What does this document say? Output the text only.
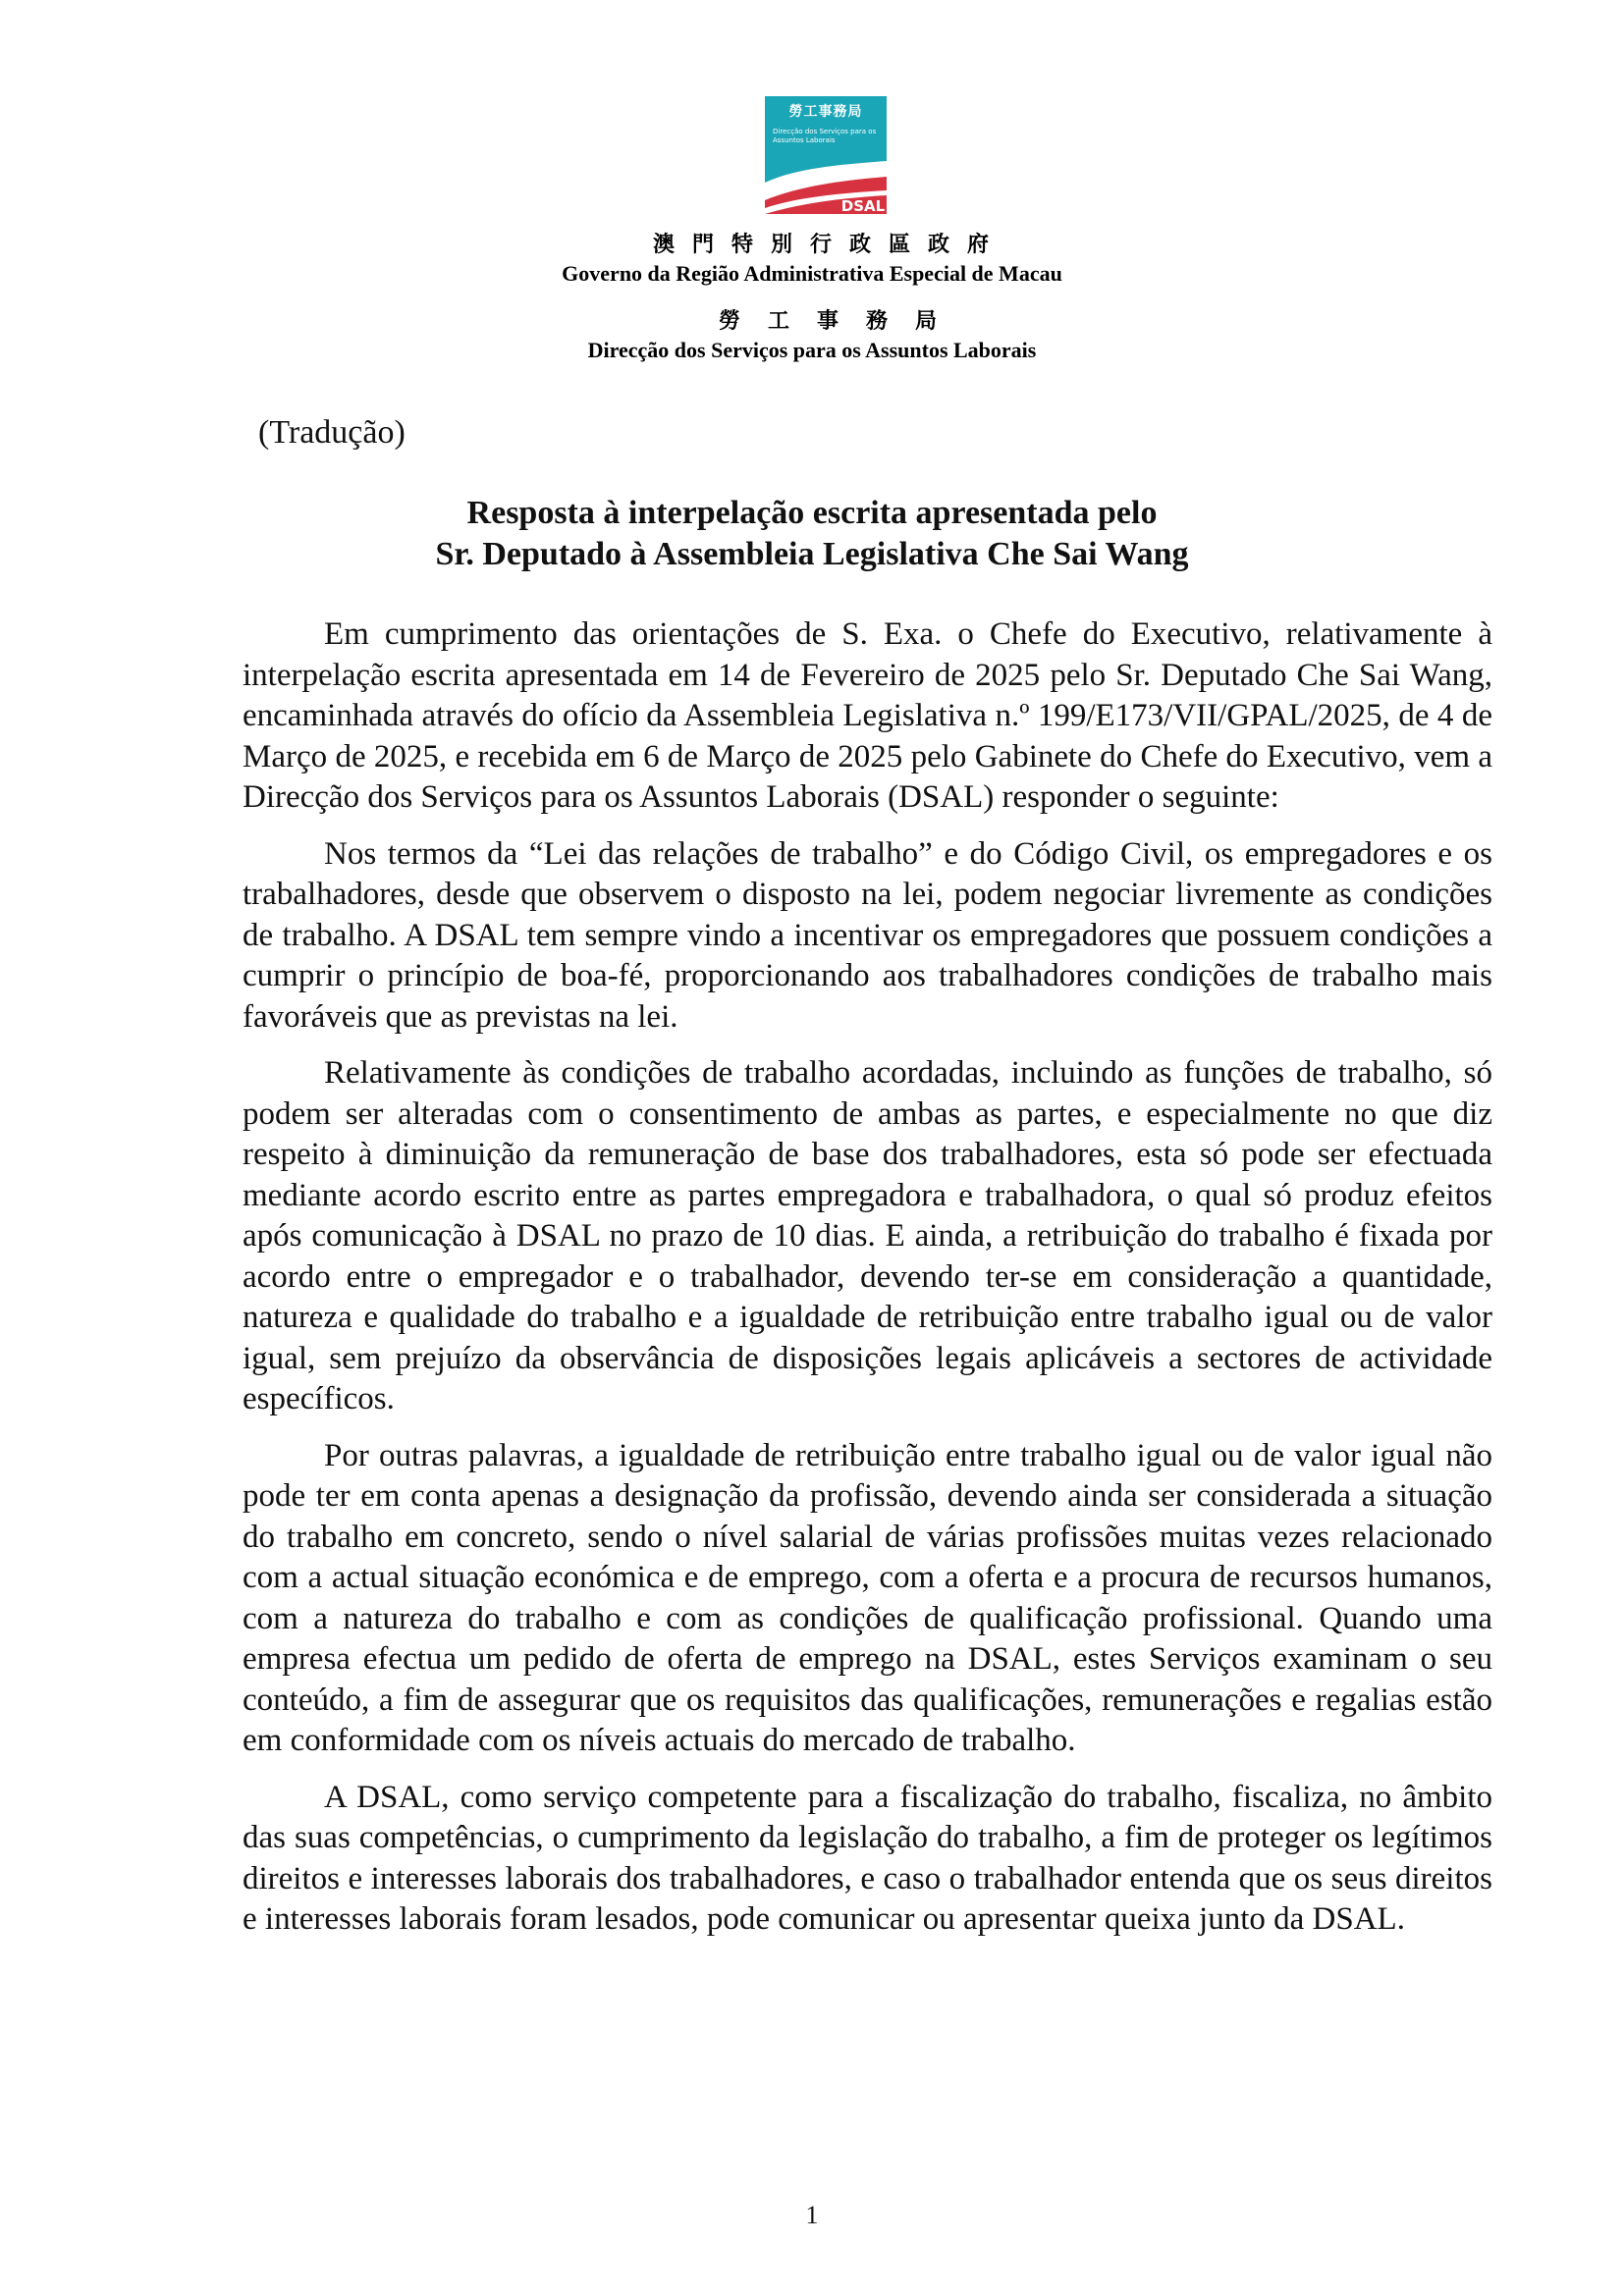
勞工事務局
Direcção dos Serviços para os
Assuntos Laborais
DSAL
澳門特別行政區政府
Governo da Região Administrativa Especial de Macau
勞工事務局
Direcção dos Serviços para os Assuntos Laborais
(Tradução)
Resposta à interpelação escrita apresentada pelo
Sr. Deputado à Assembleia Legislativa Che Sai Wang

Em cumprimento das orientações de S. Exa. o Chefe do Executivo, relativamente à interpelação escrita apresentada em 14 de Fevereiro de 2025 pelo Sr. Deputado Che Sai Wang, encaminhada através do ofício da Assembleia Legislativa n.º 199/E173/VII/GPAL/2025, de 4 de Março de 2025, e recebida em 6 de Março de 2025 pelo Gabinete do Chefe do Executivo, vem a Direcção dos Serviços para os Assuntos Laborais (DSAL) responder o seguinte:

Nos termos da “Lei das relações de trabalho” e do Código Civil, os empregadores e os trabalhadores, desde que observem o disposto na lei, podem negociar livremente as condições de trabalho. A DSAL tem sempre vindo a incentivar os empregadores que possuem condições a cumprir o princípio de boa-fé, proporcionando aos trabalhadores condições de trabalho mais favoráveis que as previstas na lei.

Relativamente às condições de trabalho acordadas, incluindo as funções de trabalho, só podem ser alteradas com o consentimento de ambas as partes, e especialmente no que diz respeito à diminuição da remuneração de base dos trabalhadores, esta só pode ser efectuada mediante acordo escrito entre as partes empregadora e trabalhadora, o qual só produz efeitos após comunicação à DSAL no prazo de 10 dias. E ainda, a retribuição do trabalho é fixada por acordo entre o empregador e o trabalhador, devendo ter-se em consideração a quantidade, natureza e qualidade do trabalho e a igualdade de retribuição entre trabalho igual ou de valor igual, sem prejuízo da observância de disposições legais aplicáveis a sectores de actividade específicos.

Por outras palavras, a igualdade de retribuição entre trabalho igual ou de valor igual não pode ter em conta apenas a designação da profissão, devendo ainda ser considerada a situação do trabalho em concreto, sendo o nível salarial de várias profissões muitas vezes relacionado com a actual situação económica e de emprego, com a oferta e a procura de recursos humanos, com a natureza do trabalho e com as condições de qualificação profissional. Quando uma empresa efectua um pedido de oferta de emprego na DSAL, estes Serviços examinam o seu conteúdo, a fim de assegurar que os requisitos das qualificações, remunerações e regalias estão em conformidade com os níveis actuais do mercado de trabalho.

A DSAL, como serviço competente para a fiscalização do trabalho, fiscaliza, no âmbito das suas competências, o cumprimento da legislação do trabalho, a fim de proteger os legítimos direitos e interesses laborais dos trabalhadores, e caso o trabalhador entenda que os seus direitos e interesses laborais foram lesados, pode comunicar ou apresentar queixa junto da DSAL.

1
